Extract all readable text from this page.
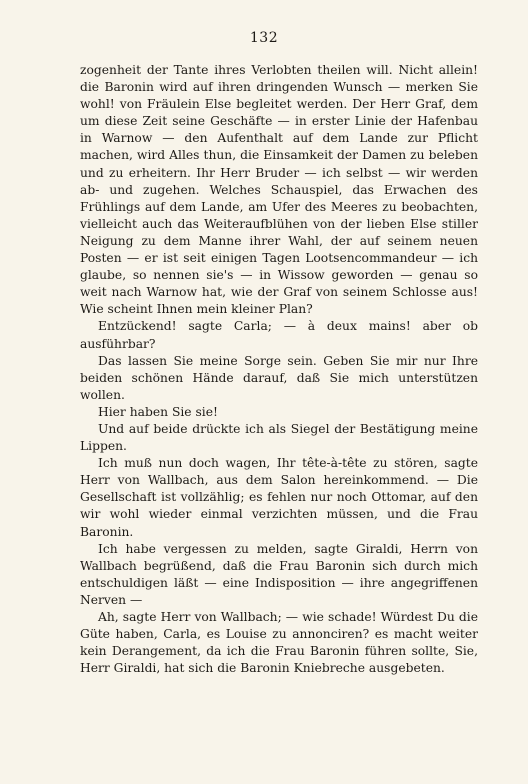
132

zogenheit der Tante ihres Verlobten theilen will. Nicht allein! die Baronin wird auf ihren dringenden Wunsch — merken Sie wohl! von Fräulein Else begleitet werden. Der Herr Graf, dem um diese Zeit seine Geschäfte — in erster Linie der Hafenbau in Warnow — den Aufenthalt auf dem Lande zur Pflicht machen, wird Alles thun, die Einsamkeit der Damen zu beleben und zu erheitern. Ihr Herr Bruder — ich selbst — wir werden ab- und zugehen. Welches Schauspiel, das Erwachen des Frühlings auf dem Lande, am Ufer des Meeres zu beobachten, vielleicht auch das Weiteraufblühen von der lieben Else stiller Neigung zu dem Manne ihrer Wahl, der auf seinem neuen Posten — er ist seit einigen Tagen Lootsencommandeur — ich glaube, so nennen sie's — in Wissow geworden — genau so weit nach Warnow hat, wie der Graf von seinem Schlosse aus! Wie scheint Ihnen mein kleiner Plan?

Entzückend! sagte Carla; — à deux mains! aber ob ausführbar?

Das lassen Sie meine Sorge sein. Geben Sie mir nur Ihre beiden schönen Hände darauf, daß Sie mich unterstützen wollen.

Hier haben Sie sie!

Und auf beide drückte ich als Siegel der Bestätigung meine Lippen.

Ich muß nun doch wagen, Ihr tête-à-tête zu stören, sagte Herr von Wallbach, aus dem Salon hereinkommend. — Die Gesellschaft ist vollzählig; es fehlen nur noch Ottomar, auf den wir wohl wieder einmal verzichten müssen, und die Frau Baronin.

Ich habe vergessen zu melden, sagte Giraldi, Herrn von Wallbach begrüßend, daß die Frau Baronin sich durch mich entschuldigen läßt — eine Indisposition — ihre angegriffenen Nerven —

Ah, sagte Herr von Wallbach; — wie schade! Würdest Du die Güte haben, Carla, es Louise zu annonciren? es macht weiter kein Derangement, da ich die Frau Baronin führen sollte, Sie, Herr Giraldi, hat sich die Baronin Kniebreche ausgebeten.
